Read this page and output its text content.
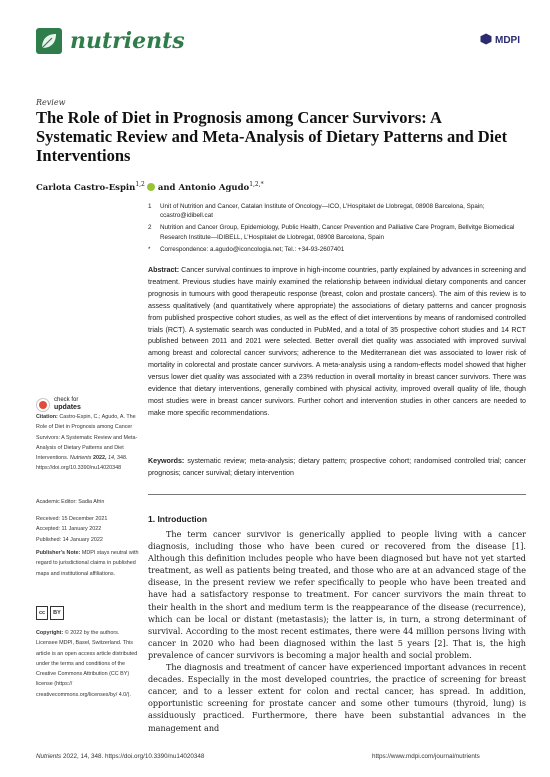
nutrients	MDPI
Review
The Role of Diet in Prognosis among Cancer Survivors: A Systematic Review and Meta-Analysis of Dietary Patterns and Diet Interventions
Carlota Castro-Espin$^{1,2}$ and Antonio Agudo$^{1,2,*}$
1	Unit of Nutrition and Cancer, Catalan Institute of Oncology—ICO, L’Hospitalet de Llobregat, 08908 Barcelona, Spain; ccastro@idibell.cat
2	Nutrition and Cancer Group, Epidemiology, Public Health, Cancer Prevention and Palliative Care Program, Bellvitge Biomedical Research Institute—IDIBELL, L’Hospitalet de Llobregat, 08908 Barcelona, Spain
*	Correspondence: a.agudo@iconcologia.net; Tel.: +34-93-2607401
Abstract: Cancer survival continues to improve in high-income countries, partly explained by advances in screening and treatment. Previous studies have mainly examined the relationship between individual dietary components and cancer prognosis in tumours with good therapeutic response (breast, colon and prostate cancers). The aim of this review is to assess qualitatively (and quantitatively where appropriate) the associations of dietary patterns and cancer prognosis from published prospective cohort studies, as well as the effect of diet interventions by means of randomised controlled trials (RCT). A systematic search was conducted in PubMed, and a total of 35 prospective cohort studies and 14 RCT published between 2011 and 2021 were selected. Better overall diet quality was associated with improved survival among breast and colorectal cancer survivors; adherence to the Mediterranean diet was associated to lower risk of mortality in colorectal and prostate cancer survivors. A meta-analysis using a random-effects model showed that higher versus lower diet quality was associated with a 23% reduction in overall mortality in breast cancer survivors. There was evidence that dietary interventions, generally combined with physical activity, improved overall quality of life, though most studies were in breast cancer survivors. Further cohort and intervention studies in other cancers are needed to make more specific recommendations.
Keywords: systematic review; meta-analysis; dietary pattern; prospective cohort; randomised controlled trial; cancer prognosis; cancer survival; dietary intervention
check for
updates
Citation: Castro-Espin, C.; Agudo, A. The Role of Diet in Prognosis among Cancer Survivors: A Systematic Review and Meta-Analysis of Dietary Patterns and Diet Interventions. Nutrients 2022, 14, 348. https://doi.org/10.3390/nu14020348
Academic Editor: Sadia Afrin
Received: 15 December 2021
Accepted: 11 January 2022
Published: 14 January 2022
Publisher’s Note: MDPI stays neutral with regard to jurisdictional claims in published maps and institutional affiliations.
cc	BY
Copyright: © 2022 by the authors. Licensee MDPI, Basel, Switzerland. This article is an open access article distributed under the terms and conditions of the Creative Commons Attribution (CC BY) license (https:// creativecommons.org/licenses/by/ 4.0/).
1. Introduction

The term cancer survivor is generically applied to people living with a cancer diagnosis, including those who have been cured or recovered from the disease [1]. Although this definition includes people who have been diagnosed but have not yet started treatment, as well as patients being treated, and those who are at an advanced stage of the disease, in the present review we refer specifically to people who have been treated and have had a satisfactory response to treatment. For cancer survivors the main threat to their health in the short and medium term is the reappearance of the disease (recurrence), which can be local or distant (metastasis); the latter is, in turn, a strong determinant of survival. According to the most recent estimates, there were 44 million persons living with cancer in 2020 who had been diagnosed within the last 5 years [2]. That is, the high prevalence of cancer survivors is becoming a major health and social problem.

The diagnosis and treatment of cancer have experienced important advances in recent decades. Especially in the most developed countries, the practice of screening for breast cancer, and to a lesser extent for colon and rectal cancer, has spread. In addition, opportunistic screening for prostate cancer and some other tumours (thyroid, lung) is assiduously practiced. Furthermore, there have been substantial advances in the management and

Nutrients 2022, 14, 348. https://doi.org/10.3390/nu14020348	https://www.mdpi.com/journal/nutrients
